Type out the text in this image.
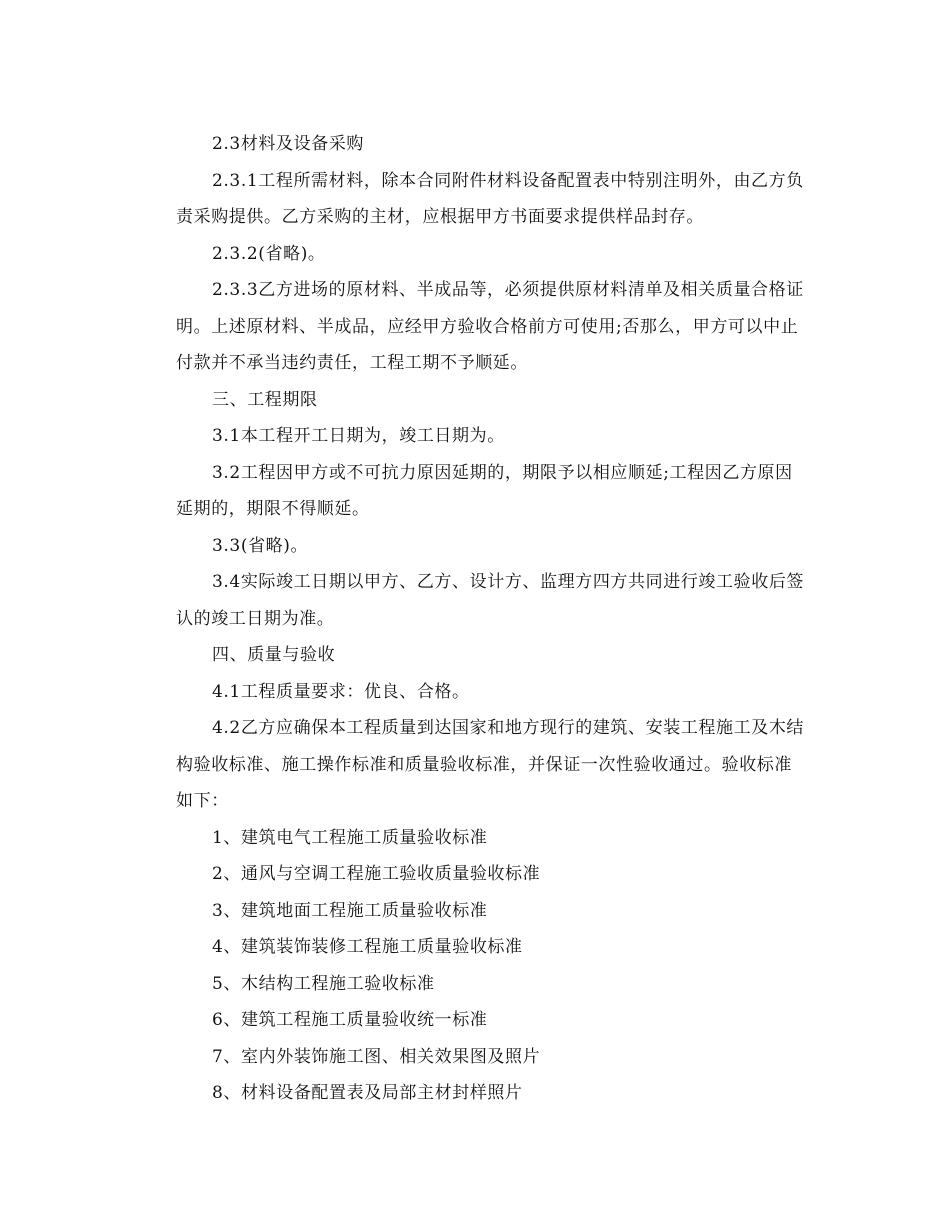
2.3材料及设备采购
2.3.1工程所需材料，除本合同附件材料设备配置表中特别注明外，由乙方负
责采购提供。乙方采购的主材，应根据甲方书面要求提供样品封存。
2.3.2(省略)。
2.3.3乙方进场的原材料、半成品等，必须提供原材料清单及相关质量合格证
明。上述原材料、半成品，应经甲方验收合格前方可使用;否那么，甲方可以中止
付款并不承当违约责任，工程工期不予顺延。
三、工程期限
3.1本工程开工日期为，竣工日期为。
3.2工程因甲方或不可抗力原因延期的，期限予以相应顺延;工程因乙方原因
延期的，期限不得顺延。
3.3(省略)。
3.4实际竣工日期以甲方、乙方、设计方、监理方四方共同进行竣工验收后签
认的竣工日期为准。
四、质量与验收
4.1工程质量要求：优良、合格。
4.2乙方应确保本工程质量到达国家和地方现行的建筑、安装工程施工及木结
构验收标准、施工操作标准和质量验收标准，并保证一次性验收通过。验收标准
如下：
1、建筑电气工程施工质量验收标准
2、通风与空调工程施工验收质量验收标准
3、建筑地面工程施工质量验收标准
4、建筑装饰装修工程施工质量验收标准
5、木结构工程施工验收标准
6、建筑工程施工质量验收统一标准
7、室内外装饰施工图、相关效果图及照片
8、材料设备配置表及局部主材封样照片
